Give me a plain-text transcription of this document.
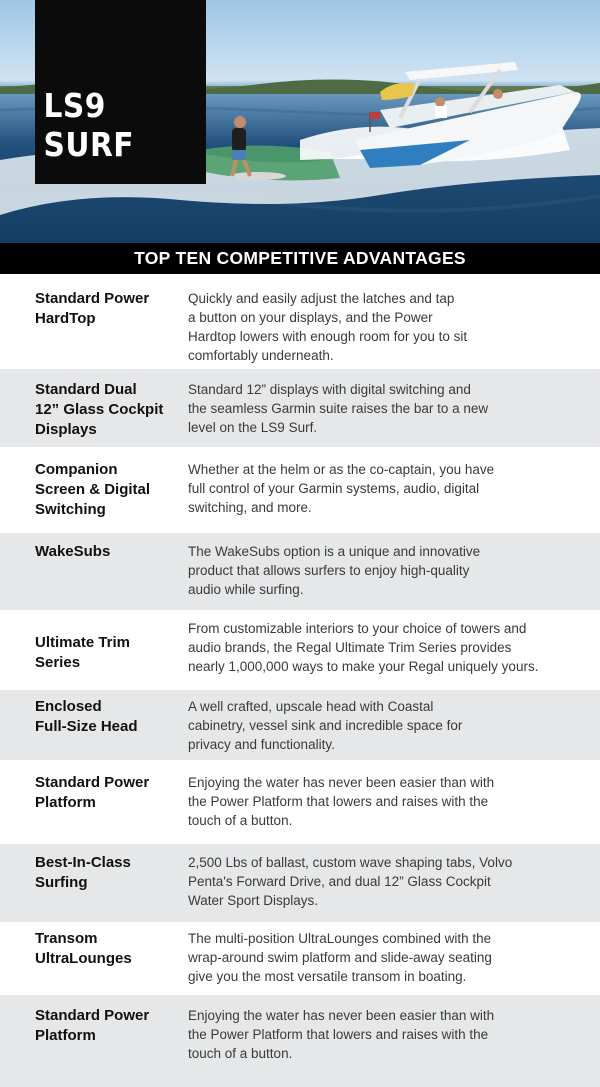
LS9 SURF
TOP TEN COMPETITIVE ADVANTAGES
Standard Power
HardTop
Quickly and easily adjust the latches and tap
a button on your displays, and the Power
Hardtop lowers with enough room for you to sit
comfortably underneath.
Standard Dual
12” Glass Cockpit
Displays
Standard 12” displays with digital switching and
the seamless Garmin suite raises the bar to a new
level on the LS9 Surf.
Companion
Screen & Digital
Switching
Whether at the helm or as the co-captain, you have
full control of your Garmin systems, audio, digital
switching, and more.
WakeSubs	The WakeSubs option is a unique and innovative
product that allows surfers to enjoy high-quality
audio while surfing.
Ultimate Trim
Series
From customizable interiors to your choice of towers and
audio brands, the Regal Ultimate Trim Series provides
nearly 1,000,000 ways to make your Regal uniquely yours.
Enclosed
Full-Size Head
A well crafted, upscale head with Coastal
cabinetry, vessel sink and incredible space for
privacy and functionality.
Standard Power
Platform
Enjoying the water has never been easier than with
the Power Platform that lowers and raises with the
touch of a button.
Best-In-Class
Surfing
2,500 Lbs of ballast, custom wave shaping tabs, Volvo
Penta's Forward Drive, and dual 12” Glass Cockpit
Water Sport Displays.
Transom
UltraLounges
The multi-position UltraLounges combined with the
wrap-around swim platform and slide-away seating
give you the most versatile transom in boating.
Standard Power
Platform
Enjoying the water has never been easier than with
the Power Platform that lowers and raises with the
touch of a button.
